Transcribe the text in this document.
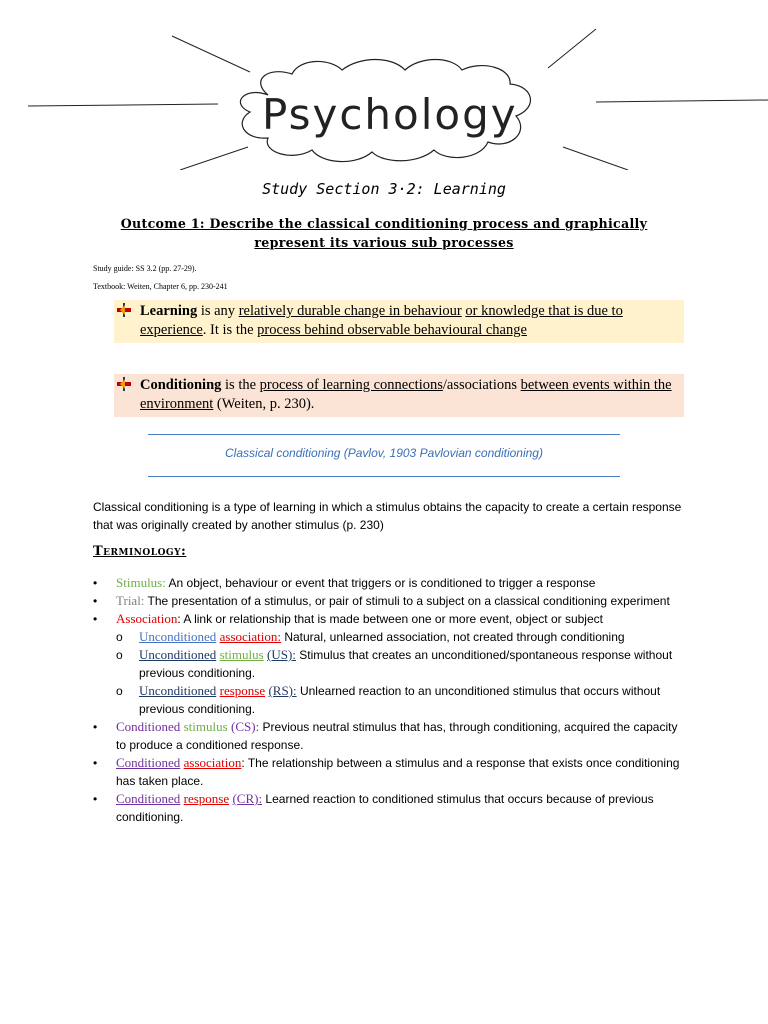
Psychology
Study Section 3·2: Learning
Outcome 1: Describe the classical conditioning process and graphically represent its various sub processes
Study guide: SS 3.2 (pp. 27-29).
Textbook: Weiten, Chapter 6, pp. 230-241
Learning is any relatively durable change in behaviour or knowledge that is due to experience. It is the process behind observable behavioural change
Conditioning is the process of learning connections/associations between events within the environment (Weiten, p. 230).
Classical conditioning (Pavlov, 1903 Pavlovian conditioning)
Classical conditioning is a type of learning in which a stimulus obtains the capacity to create a certain response that was originally created by another stimulus (p. 230)
Terminology:
• Stimulus: An object, behaviour or event that triggers or is conditioned to trigger a response
• Trial: The presentation of a stimulus, or pair of stimuli to a subject on a classical conditioning experiment
• Association: A link or relationship that is made between one or more event, object or subject
o Unconditioned association: Natural, unlearned association, not created through conditioning
o Unconditioned stimulus (US): Stimulus that creates an unconditioned/spontaneous response without previous conditioning.
o Unconditioned response (RS): Unlearned reaction to an unconditioned stimulus that occurs without previous conditioning.
• Conditioned stimulus (CS): Previous neutral stimulus that has, through conditioning, acquired the capacity to produce a conditioned response.
• Conditioned association: The relationship between a stimulus and a response that exists once conditioning has taken place.
• Conditioned response (CR): Learned reaction to conditioned stimulus that occurs because of previous conditioning.
